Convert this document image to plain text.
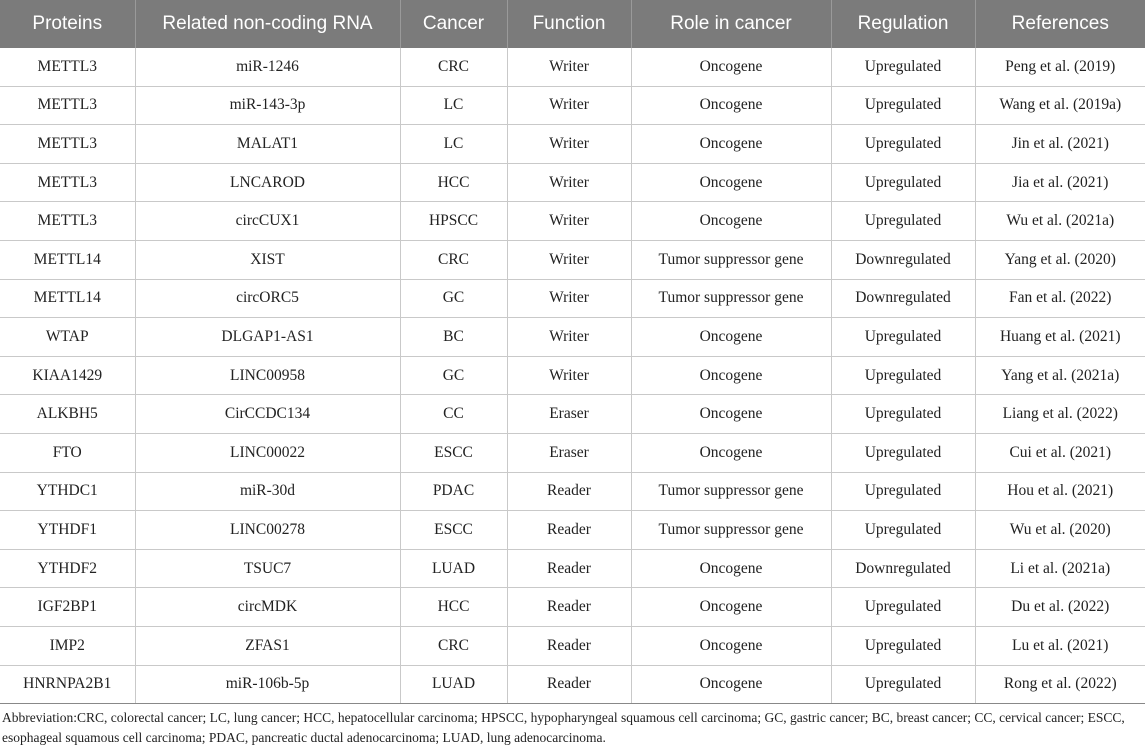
Proteins	Related non-coding RNA	Cancer	Function	Role in cancer	Regulation	References
METTL3	miR-1246	CRC	Writer	Oncogene	Upregulated	Peng et al. (2019)
METTL3	miR-143-3p	LC	Writer	Oncogene	Upregulated	Wang et al. (2019a)
METTL3	MALAT1	LC	Writer	Oncogene	Upregulated	Jin et al. (2021)
METTL3	LNCAROD	HCC	Writer	Oncogene	Upregulated	Jia et al. (2021)
METTL3	circCUX1	HPSCC	Writer	Oncogene	Upregulated	Wu et al. (2021a)
METTL14	XIST	CRC	Writer	Tumor suppressor gene	Downregulated	Yang et al. (2020)
METTL14	circORC5	GC	Writer	Tumor suppressor gene	Downregulated	Fan et al. (2022)
WTAP	DLGAP1-AS1	BC	Writer	Oncogene	Upregulated	Huang et al. (2021)
KIAA1429	LINC00958	GC	Writer	Oncogene	Upregulated	Yang et al. (2021a)
ALKBH5	CirCCDC134	CC	Eraser	Oncogene	Upregulated	Liang et al. (2022)
FTO	LINC00022	ESCC	Eraser	Oncogene	Upregulated	Cui et al. (2021)
YTHDC1	miR-30d	PDAC	Reader	Tumor suppressor gene	Upregulated	Hou et al. (2021)
YTHDF1	LINC00278	ESCC	Reader	Tumor suppressor gene	Upregulated	Wu et al. (2020)
YTHDF2	TSUC7	LUAD	Reader	Oncogene	Downregulated	Li et al. (2021a)
IGF2BP1	circMDK	HCC	Reader	Oncogene	Upregulated	Du et al. (2022)
IMP2	ZFAS1	CRC	Reader	Oncogene	Upregulated	Lu et al. (2021)
HNRNPA2B1	miR-106b-5p	LUAD	Reader	Oncogene	Upregulated	Rong et al. (2022)
Abbreviation:CRC, colorectal cancer; LC, lung cancer; HCC, hepatocellular carcinoma; HPSCC, hypopharyngeal squamous cell carcinoma; GC, gastric cancer; BC, breast cancer; CC, cervical cancer; ESCC, esophageal squamous cell carcinoma; PDAC, pancreatic ductal adenocarcinoma; LUAD, lung adenocarcinoma.
